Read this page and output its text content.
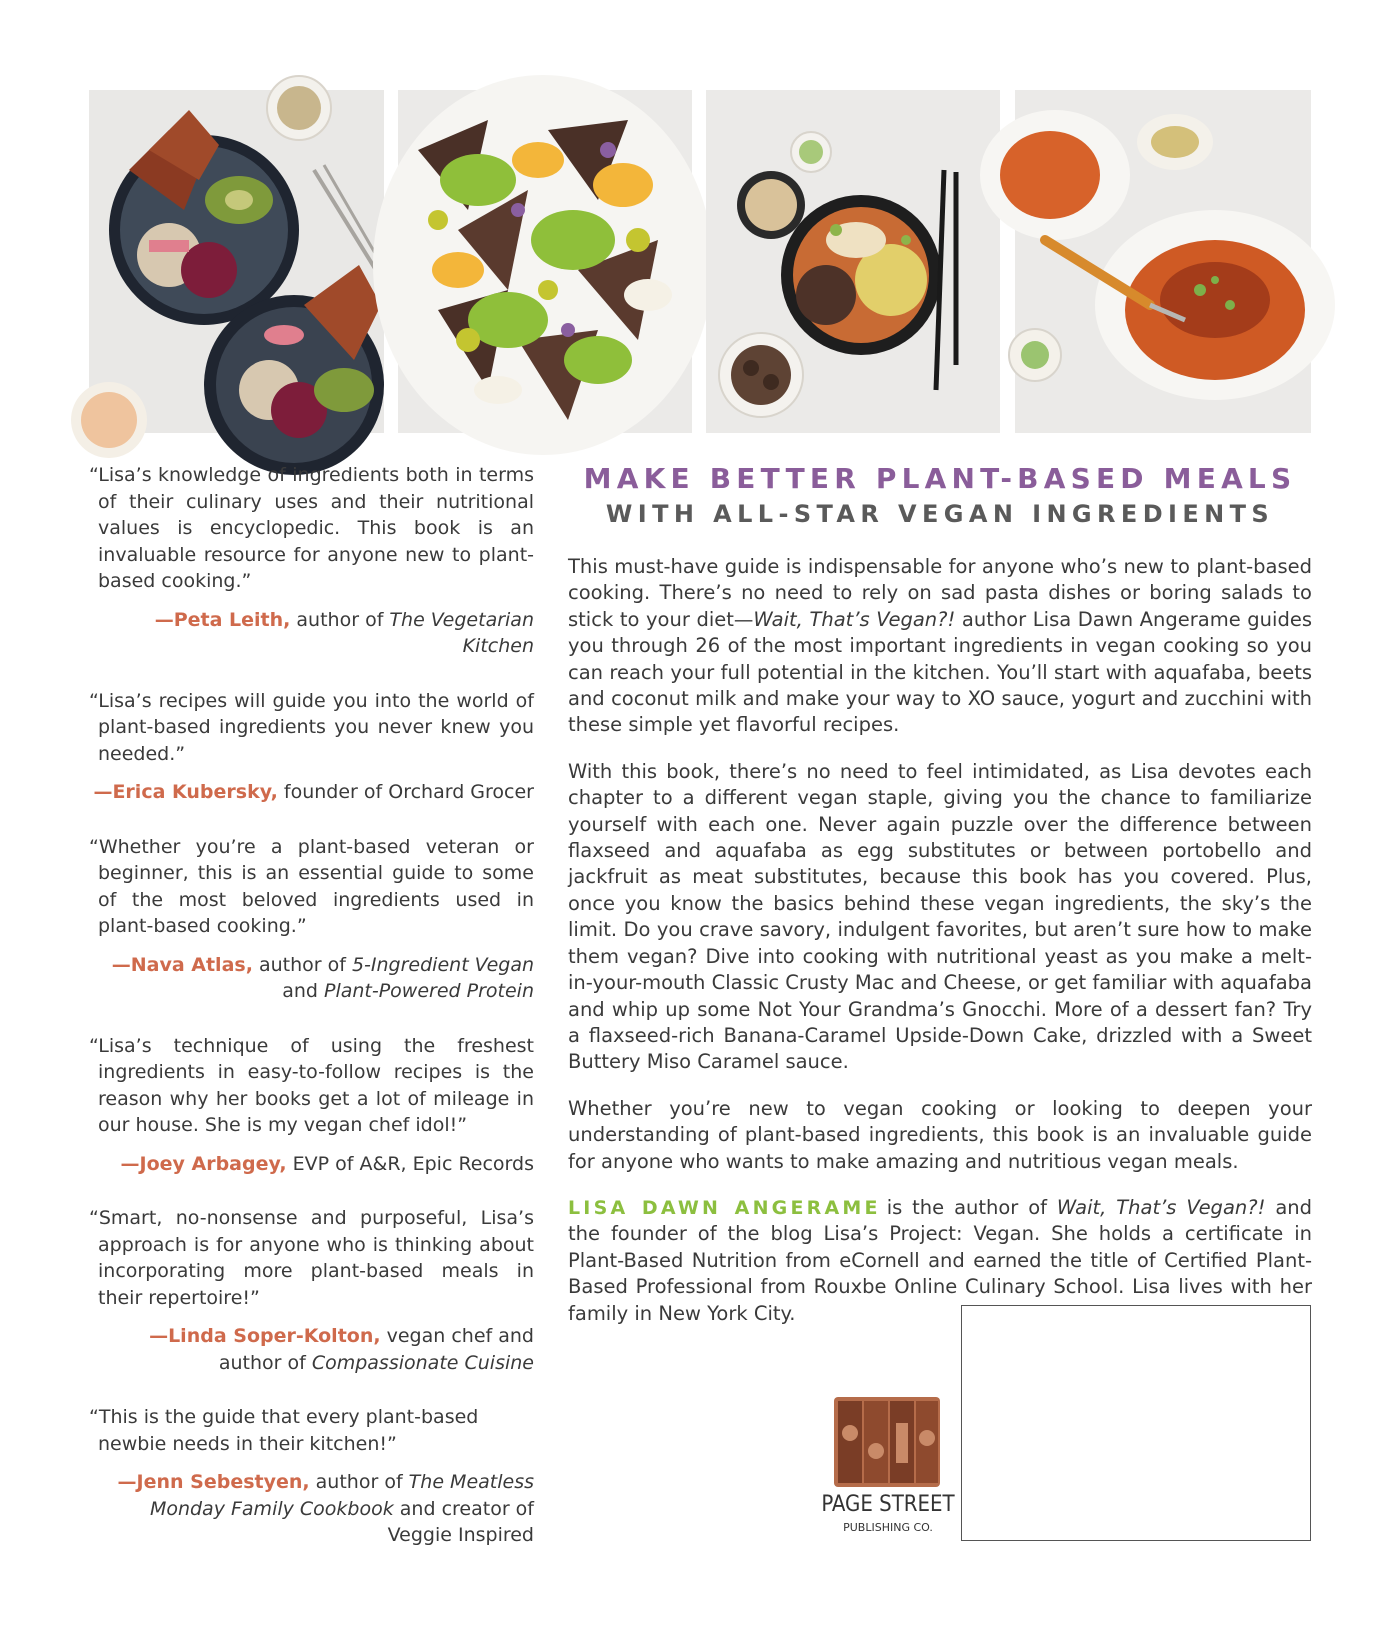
“Lisa’s knowledge of ingredients both in terms of their culinary uses and their nutritional values is encyclopedic. This book is an invaluable resource for anyone new to plant-based cooking.”

—Peta Leith, author of The Vegetarian Kitchen

“Lisa’s recipes will guide you into the world of plant-based ingredients you never knew you needed.”

—Erica Kubersky, founder of Orchard Grocer

“Whether you’re a plant-based veteran or beginner, this is an essential guide to some of the most beloved ingredients used in plant-based cooking.”

—Nava Atlas, author of 5-Ingredient Vegan
and Plant-Powered Protein

“Lisa’s technique of using the freshest ingredients in easy-to-follow recipes is the reason why her books get a lot of mileage in our house. She is my vegan chef idol!”

—Joey Arbagey, EVP of A&R, Epic Records

“Smart, no-nonsense and purposeful, Lisa’s approach is for anyone who is thinking about incorporating more plant-based meals in their repertoire!”

—Linda Soper-Kolton, vegan chef and author of Compassionate Cuisine

“This is the guide that every plant-based newbie needs in their kitchen!”

—Jenn Sebestyen, author of The Meatless Monday Family Cookbook and creator of Veggie Inspired

MAKE BETTER PLANT-BASED MEALS
WITH ALL-STAR VEGAN INGREDIENTS

This must-have guide is indispensable for anyone who’s new to plant-based cooking. There’s no need to rely on sad pasta dishes or boring salads to stick to your diet—Wait, That’s Vegan?! author Lisa Dawn Angerame guides you through 26 of the most important ingredients in vegan cooking so you can reach your full potential in the kitchen. You’ll start with aquafaba, beets and coconut milk and make your way to XO sauce, yogurt and zucchini with these simple yet flavorful recipes.

With this book, there’s no need to feel intimidated, as Lisa devotes each chapter to a different vegan staple, giving you the chance to familiarize yourself with each one. Never again puzzle over the difference between flaxseed and aquafaba as egg substitutes or between portobello and jackfruit as meat substitutes, because this book has you covered. Plus, once you know the basics behind these vegan ingredients, the sky’s the limit. Do you crave savory, indulgent favorites, but aren’t sure how to make them vegan? Dive into cooking with nutritional yeast as you make a melt-in-your-mouth Classic Crusty Mac and Cheese, or get familiar with aquafaba and whip up some Not Your Grandma’s Gnocchi. More of a dessert fan? Try a flaxseed-rich Banana-Caramel Upside-Down Cake, drizzled with a Sweet Buttery Miso Caramel sauce.

Whether you’re new to vegan cooking or looking to deepen your understanding of plant-based ingredients, this book is an invaluable guide for anyone who wants to make amazing and nutritious vegan meals.

LISA DAWN ANGERAME is the author of Wait, That’s Vegan?! and the founder of the blog Lisa’s Project: Vegan. She holds a certificate in Plant-Based Nutrition from eCornell and earned the title of Certified Plant-Based Professional from Rouxbe Online Culinary School. Lisa lives with her family in New York City.

PAGE STREET
PUBLISHING CO.
